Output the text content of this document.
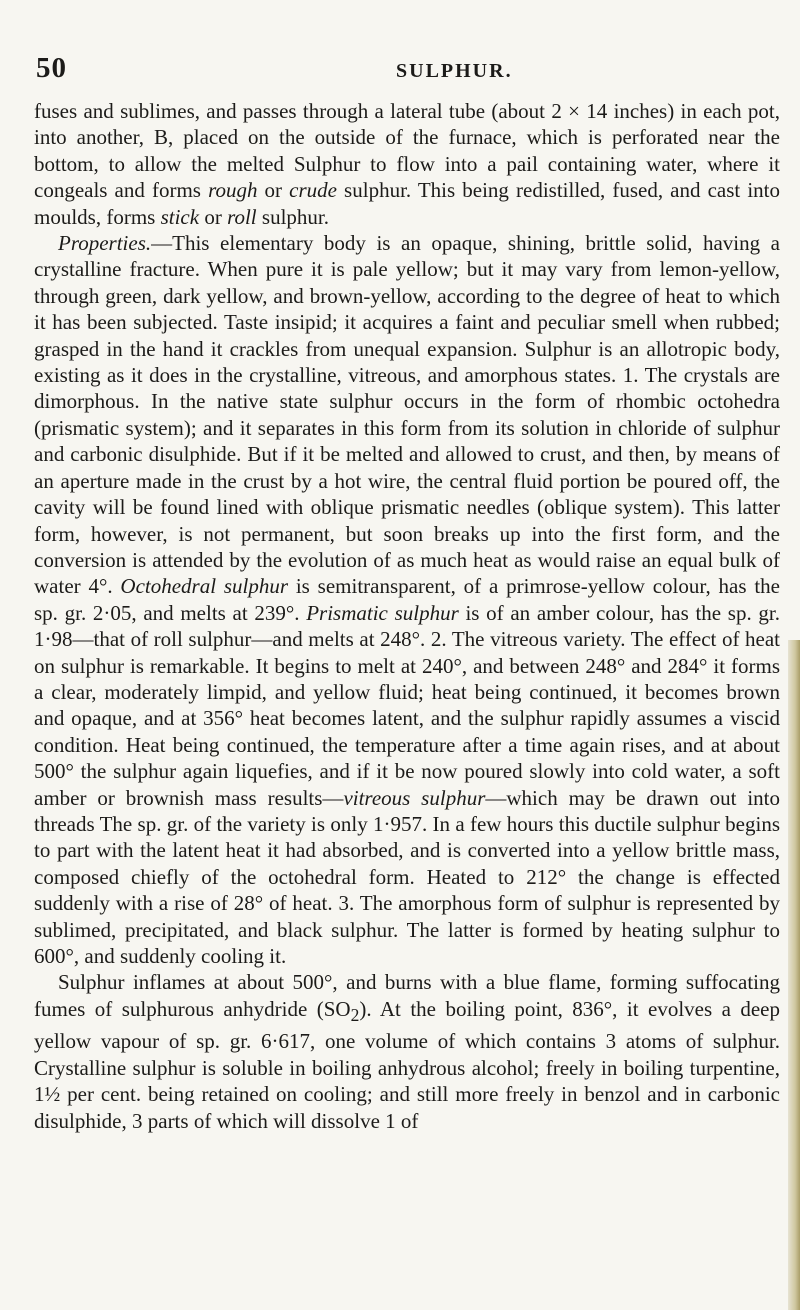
50	SULPHUR.

fuses and sublimes, and passes through a lateral tube (about 2 × 14 inches) in each pot, into another, B, placed on the outside of the furnace, which is perforated near the bottom, to allow the melted Sulphur to flow into a pail containing water, where it congeals and forms rough or crude sulphur. This being redistilled, fused, and cast into moulds, forms stick or roll sulphur.

Properties.—This elementary body is an opaque, shining, brittle solid, having a crystalline fracture. When pure it is pale yellow; but it may vary from lemon-yellow, through green, dark yellow, and brown-yellow, according to the degree of heat to which it has been subjected. Taste insipid; it acquires a faint and peculiar smell when rubbed; grasped in the hand it crackles from unequal expansion. Sulphur is an allotropic body, existing as it does in the crystalline, vitreous, and amorphous states. 1. The crystals are dimorphous. In the native state sulphur occurs in the form of rhombic octohedra (prismatic system); and it separates in this form from its solution in chloride of sulphur and carbonic disulphide. But if it be melted and allowed to crust, and then, by means of an aperture made in the crust by a hot wire, the central fluid portion be poured off, the cavity will be found lined with oblique prismatic needles (oblique system). This latter form, however, is not permanent, but soon breaks up into the first form, and the conversion is attended by the evolution of as much heat as would raise an equal bulk of water 4°. Octohedral sulphur is semitransparent, of a primrose-yellow colour, has the sp. gr. 2·05, and melts at 239°. Prismatic sulphur is of an amber colour, has the sp. gr. 1·98—that of roll sulphur—and melts at 248°. 2. The vitreous variety. The effect of heat on sulphur is remarkable. It begins to melt at 240°, and between 248° and 284° it forms a clear, moderately limpid, and yellow fluid; heat being continued, it becomes brown and opaque, and at 356° heat becomes latent, and the sulphur rapidly assumes a viscid condition. Heat being continued, the temperature after a time again rises, and at about 500° the sulphur again liquefies, and if it be now poured slowly into cold water, a soft amber or brownish mass results—vitreous sulphur—which may be drawn out into threads The sp. gr. of the variety is only 1·957. In a few hours this ductile sulphur begins to part with the latent heat it had absorbed, and is converted into a yellow brittle mass, composed chiefly of the octohedral form. Heated to 212° the change is effected suddenly with a rise of 28° of heat. 3. The amorphous form of sulphur is represented by sublimed, precipitated, and black sulphur. The latter is formed by heating sulphur to 600°, and suddenly cooling it.

Sulphur inflames at about 500°, and burns with a blue flame, forming suffocating fumes of sulphurous anhydride $(SO_2)$. At the boiling point, 836°, it evolves a deep yellow vapour of sp. gr. 6·617, one volume of which contains 3 atoms of sulphur. Crystalline sulphur is soluble in boiling anhydrous alcohol; freely in boiling turpentine, 1½ per cent. being retained on cooling; and still more freely in benzol and in carbonic disulphide, 3 parts of which will dissolve 1 of
